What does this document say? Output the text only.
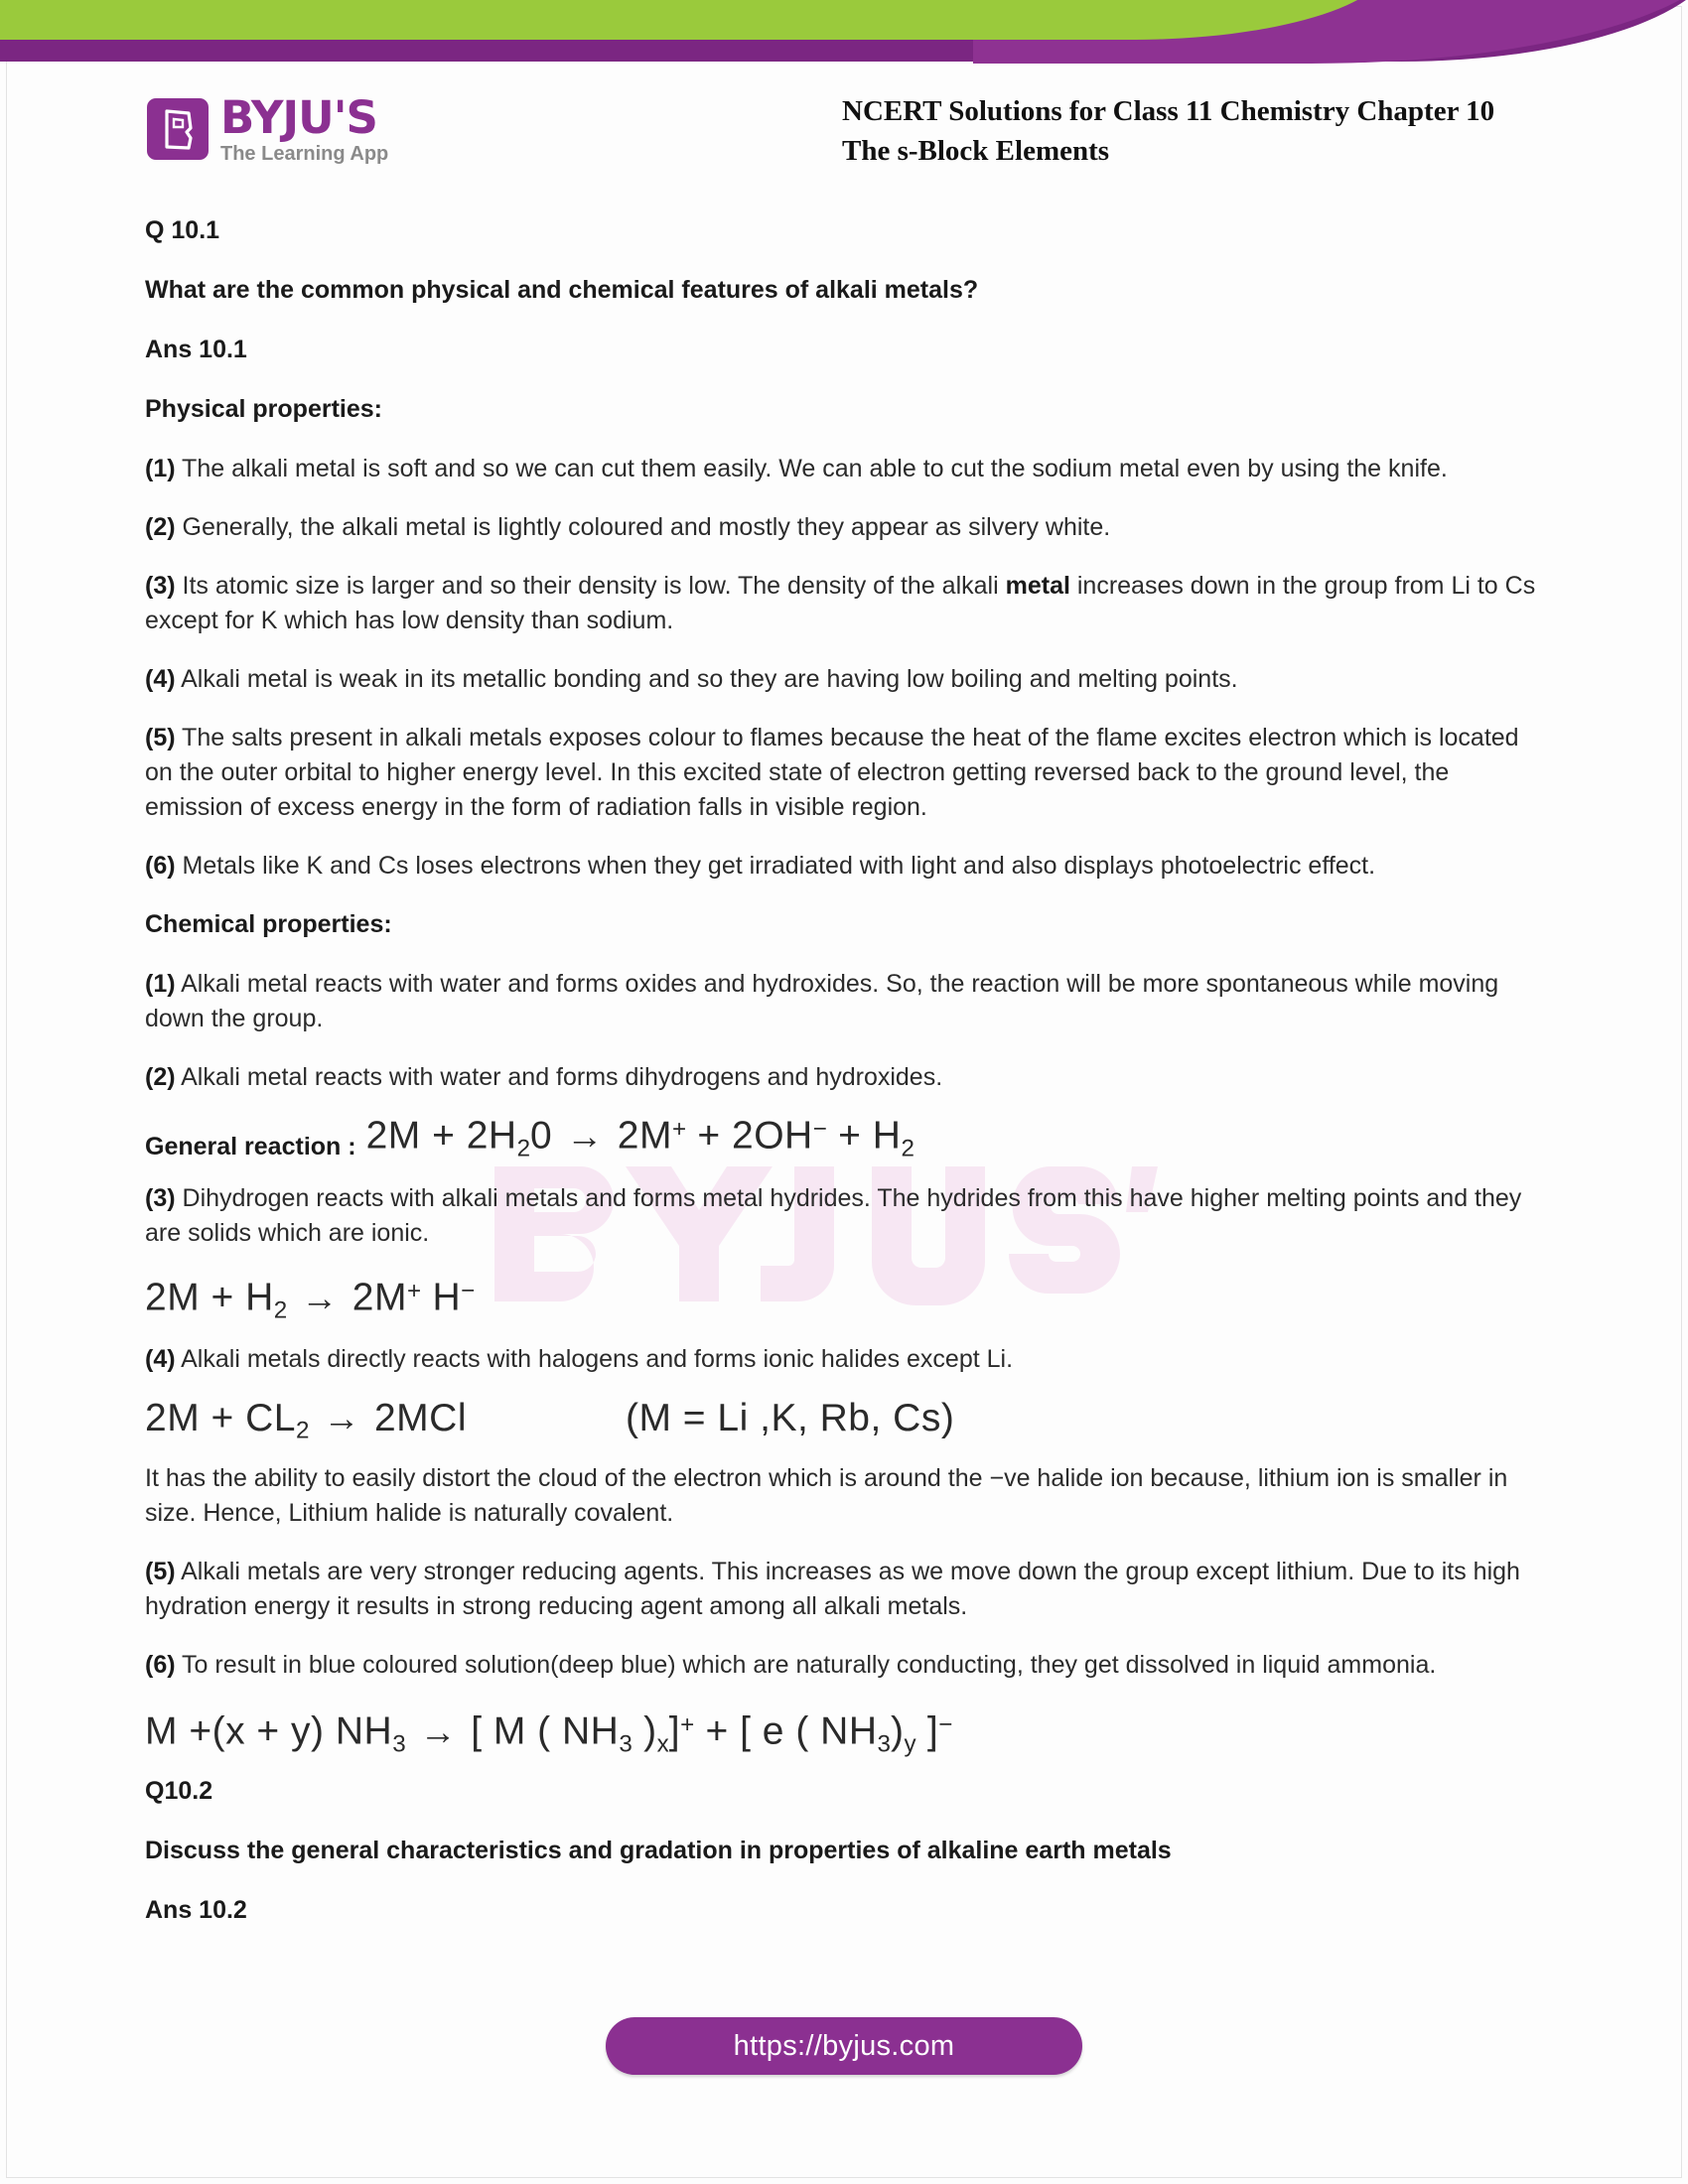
BYJU'S
The Learning App
NCERT Solutions for Class 11 Chemistry Chapter 10
The s-Block Elements

Q 10.1

What are the common physical and chemical features of alkali metals?

Ans 10.1

Physical properties:

(1) The alkali metal is soft and so we can cut them easily. We can able to cut the sodium metal even by using the knife.

(2) Generally, the alkali metal is lightly coloured and mostly they appear as silvery white.

(3) Its atomic size is larger and so their density is low. The density of the alkali metal increases down in the group from Li to Cs except for K which has low density than sodium.

(4) Alkali metal is weak in its metallic bonding and so they are having low boiling and melting points.

(5) The salts present in alkali metals exposes colour to flames because the heat of the flame excites electron which is located on the outer orbital to higher energy level. In this excited state of electron getting reversed back to the ground level, the emission of excess energy in the form of radiation falls in visible region.

(6) Metals like K and Cs loses electrons when they get irradiated with light and also displays photoelectric effect.

Chemical properties:

(1) Alkali metal reacts with water and forms oxides and hydroxides. So, the reaction will be more spontaneous while moving down the group.

(2) Alkali metal reacts with water and forms dihydrogens and hydroxides.

General reaction : $2M + 2H_20 \to 2M^+ + 2OH^- + H_2$

(3) Dihydrogen reacts with alkali metals and forms metal hydrides. The hydrides from this have higher melting points and they are solids which are ionic.

$2M + H_2 \to 2M^+$ H−

(4) Alkali metals directly reacts with halogens and forms ionic halides except Li.

$2M + CL_2 \to 2MCl$	(M = Li ,K, Rb, Cs)

It has the ability to easily distort the cloud of the electron which is around the −ve halide ion because, lithium ion is smaller in size. Hence, Lithium halide is naturally covalent.

(5) Alkali metals are very stronger reducing agents. This increases as we move down the group except lithium. Due to its high hydration energy it results in strong reducing agent among all alkali metals.

(6) To result in blue coloured solution(deep blue) which are naturally conducting, they get dissolved in liquid ammonia.

M +(x + y) $NH_3$ → [ M ( $NH_3$ )$_x]^+$ + [ e ( $NH_3)_y$ ]−

Q10.2

Discuss the general characteristics and gradation in properties of alkaline earth metals

Ans 10.2

https://byjus.com
